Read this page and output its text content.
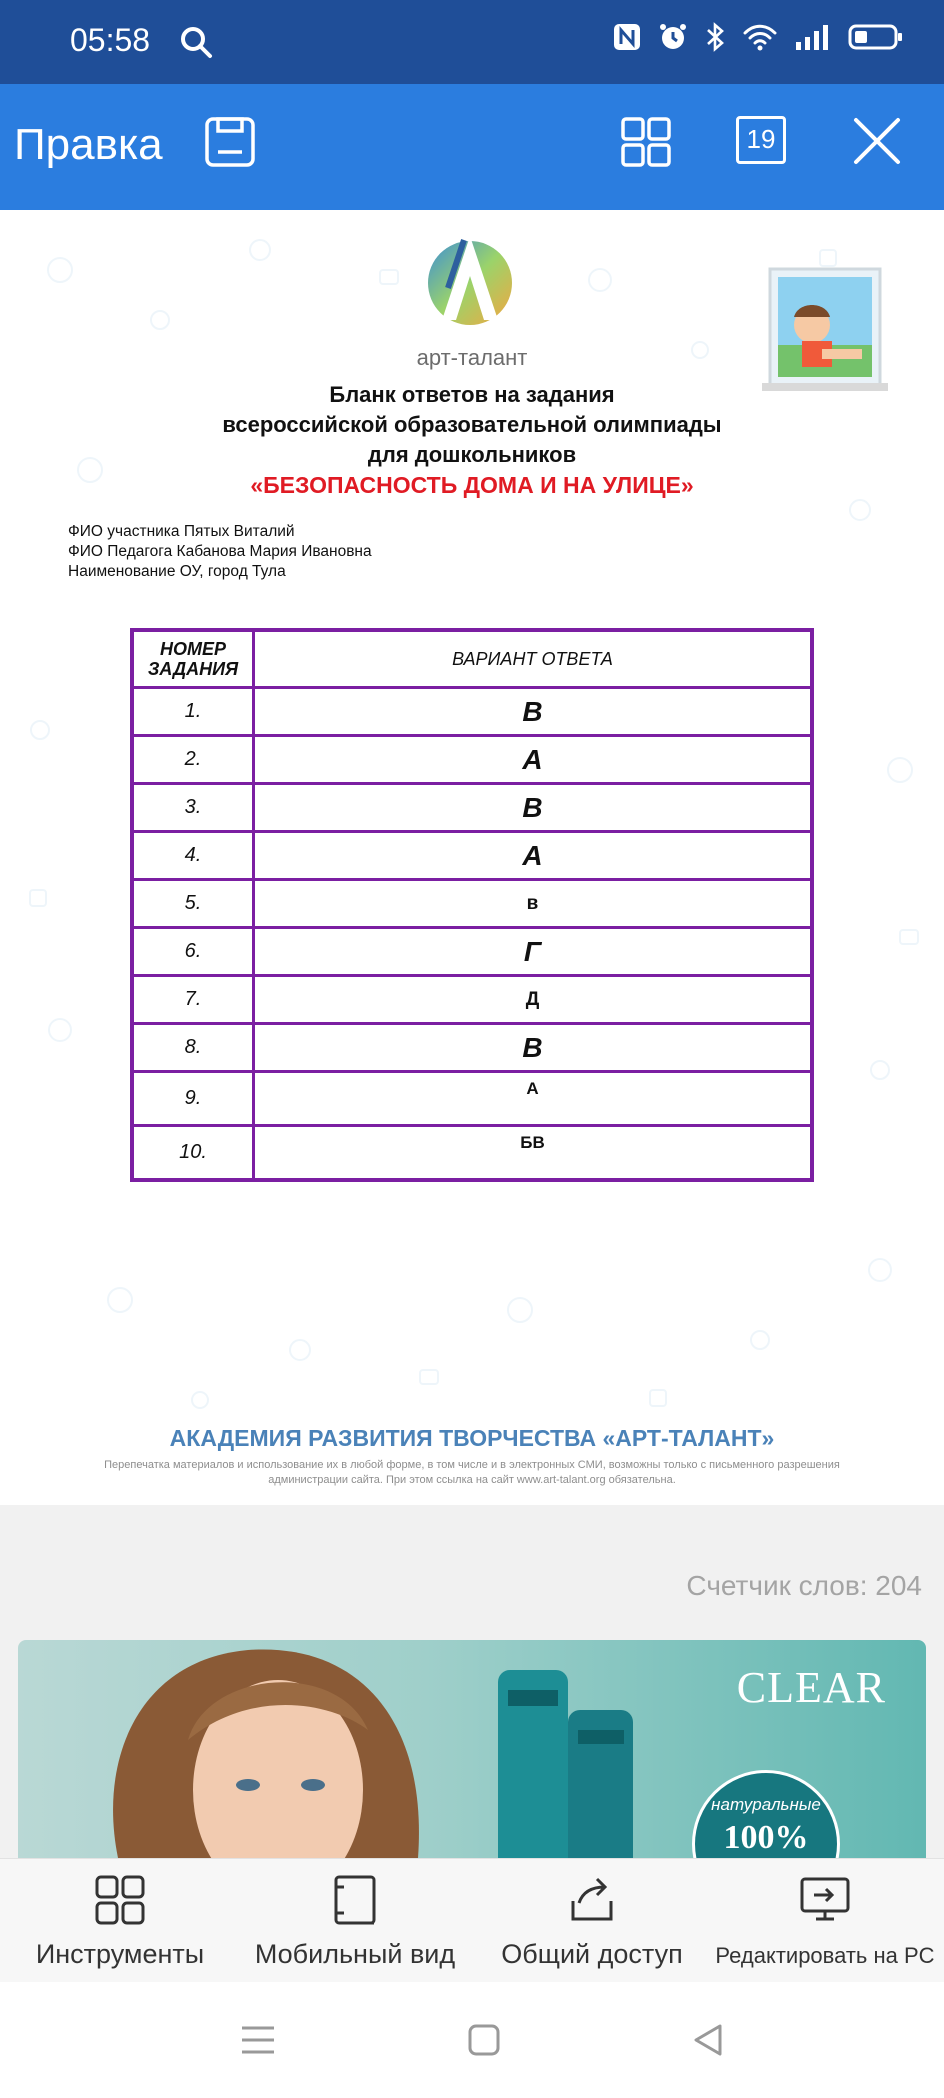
05:58
Правка	19
арт-талант
Бланк ответов на задания
всероссийской образовательной олимпиады
для дошкольников
«БЕЗОПАСНОСТЬ ДОМА И НА УЛИЦЕ»
ФИО участника Пятых Виталий
ФИО Педагога Кабанова Мария Ивановна
Наименование ОУ, город Тула
НОМЕР
ЗАДАНИЯ	ВАРИАНТ ОТВЕТА
1.	В
2.	А
3.	В
4.	А
5.	в
6.	Г
7.	Д
8.	В
9.	А
10.	БВ
АКАДЕМИЯ РАЗВИТИЯ ТВОРЧЕСТВА «АРТ-ТАЛАНТ»
Перепечатка материалов и использование их в любой форме, в том числе и в электронных СМИ, возможны только с письменного разрешения администрации сайта. При этом ссылка на сайт www.art-talant.org обязательна.
Счетчик слов: 204
CLEAR
натуральные
100%
Инструменты	Мобильный вид	Общий доступ	Редактировать на PC
